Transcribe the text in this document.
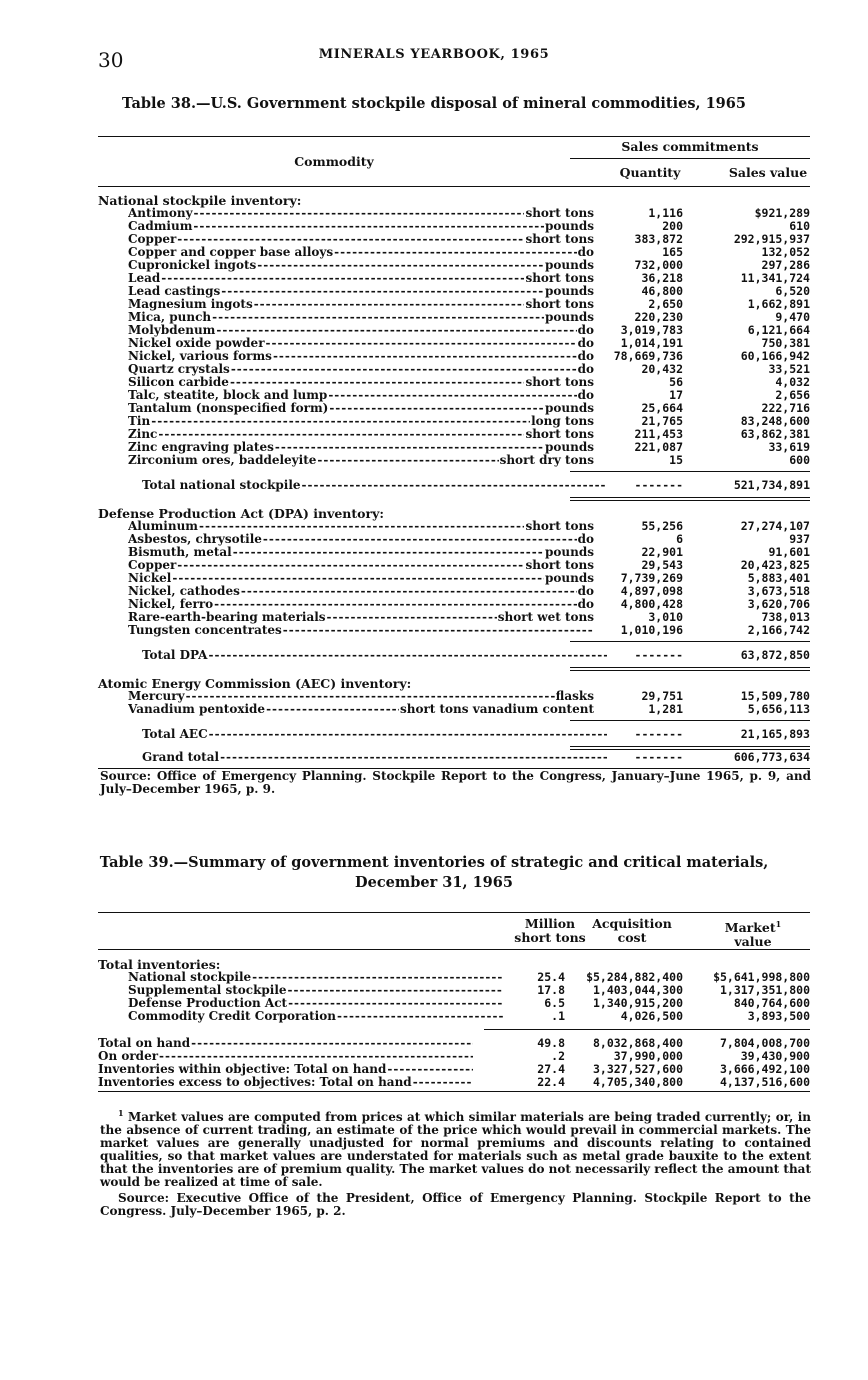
30	MINERALS YEARBOOK, 1965
Table 38.—U.S. Government stockpile disposal of mineral commodities, 1965
Sales commitments
Commodity
Quantity	Sales value
National stockpile inventory:
Antimony -----	short tons	1,116	$921,289
Cadmium -----	pounds	200	610
Copper -----	short tons	383,872	292,915,937
Copper and copper base alloys -----	do	165	132,052
Cupronickel ingots -----	pounds	732,000	297,286
Lead -----	short tons	36,218	11,341,724
Lead castings -----	pounds	46,800	6,520
Magnesium ingots -----	short tons	2,650	1,662,891
Mica, punch -----	pounds	220,230	9,470
Molybdenum -----	do 3,019,783	6,121,664
Nickel oxide powder -----	do 1,014,191	750,381
Nickel, various forms -----	do 78,669,736	60,166,942
Quartz crystals -----	do	20,432	33,521
Silicon carbide -----	short tons	56	4,032
Talc, steatite, block and lump -----	do	17	2,656
Tantalum (nonspecified form) -----	pounds	25,664	222,716
Tin -----	long tons	21,765	83,248,600
Zinc -----	short tons	211,453	63,862,381
Zinc engraving plates -----	pounds	221,087	33,619
Zirconium ores, baddeleyite -----	short dry tons	15	600
Total national stockpile -----	-------	521,734,891
Defense Production Act (DPA) inventory:
Aluminum -----	short tons	55,256	27,274,107
Asbestos, chrysotile -----	do	6	937
Bismuth, metal -----	pounds	22,901	91,601
Copper -----	short tons	29,543	20,423,825
Nickel -----	pounds 7,739,269	5,883,401
Nickel, cathodes -----	do 4,897,098	3,673,518
Nickel, ferro -----	do 4,800,428	3,620,706
Rare-earth-bearing materials -----	short wet tons	3,010	738,013
Tungsten concentrates -----	1,010,196	2,166,742
Total DPA -----	-------	63,872,850
Atomic Energy Commission (AEC) inventory:
Mercury -----	flasks	29,751	15,509,780
Vanadium pentoxide -----	short tons vanadium content	1,281	5,656,113
Total AEC -----	-------	21,165,893
Grand total -----	-------	606,773,634
Source: Office of Emergency Planning. Stockpile Report to the Congress, January–June 1965, p. 9, and July–December 1965, p. 9.
Table 39.—Summary of government inventories of strategic and critical materials,
December 31, 1965
Million
short tons
Acquisition
cost
Market$^1$
value
Total inventories:
National stockpile -----	25.4 $5,284,882,400	$5,641,998,800
Supplemental stockpile -----	17.8 1,403,044,300	1,317,351,800
Defense Production Act -----	6.5 1,340,915,200	840,764,600
Commodity Credit Corporation -----	.1	4,026,500	3,893,500
Total on hand -----	49.8 8,032,868,400	7,804,008,700
On order -----	.2	37,990,000	39,430,900
Inventories within objective: Total on hand -----	27.4 3,327,527,600	3,666,492,100
Inventories excess to objectives: Total on hand -----	22.4 4,705,340,800	4,137,516,600
$^1$ Market values are computed from prices at which similar materials are being traded currently; or, in the absence of current trading, an estimate of the price which would prevail in commercial markets. The market values are generally unadjusted for normal premiums and discounts relating to contained qualities, so that market values are understated for materials such as metal grade bauxite to the extent that the inventories are of premium quality. The market values do not necessarily reflect the amount that would be realized at time of sale.
Source: Executive Office of the President, Office of Emergency Planning. Stockpile Report to the Congress. July–December 1965, p. 2.
